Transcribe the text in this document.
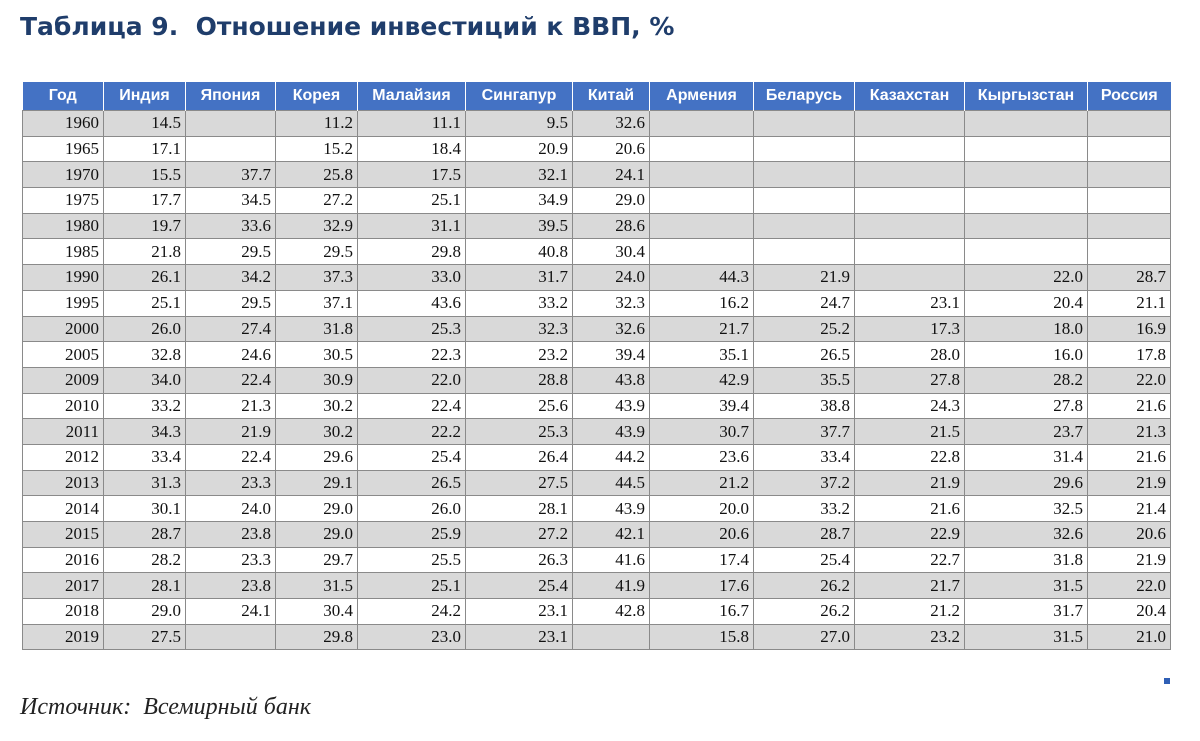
Таблица 9.  Отношение инвестиций к ВВП, %
Год	Индия	Япония	Корея	Малайзия	Сингапур	Китай	Армения	Беларусь	Казахстан	Кыргызстан	Россия
1960	14.5		11.2	11.1	9.5	32.6					
1965	17.1		15.2	18.4	20.9	20.6					
1970	15.5	37.7	25.8	17.5	32.1	24.1					
1975	17.7	34.5	27.2	25.1	34.9	29.0					
1980	19.7	33.6	32.9	31.1	39.5	28.6					
1985	21.8	29.5	29.5	29.8	40.8	30.4					
1990	26.1	34.2	37.3	33.0	31.7	24.0	44.3	21.9		22.0	28.7
1995	25.1	29.5	37.1	43.6	33.2	32.3	16.2	24.7	23.1	20.4	21.1
2000	26.0	27.4	31.8	25.3	32.3	32.6	21.7	25.2	17.3	18.0	16.9
2005	32.8	24.6	30.5	22.3	23.2	39.4	35.1	26.5	28.0	16.0	17.8
2009	34.0	22.4	30.9	22.0	28.8	43.8	42.9	35.5	27.8	28.2	22.0
2010	33.2	21.3	30.2	22.4	25.6	43.9	39.4	38.8	24.3	27.8	21.6
2011	34.3	21.9	30.2	22.2	25.3	43.9	30.7	37.7	21.5	23.7	21.3
2012	33.4	22.4	29.6	25.4	26.4	44.2	23.6	33.4	22.8	31.4	21.6
2013	31.3	23.3	29.1	26.5	27.5	44.5	21.2	37.2	21.9	29.6	21.9
2014	30.1	24.0	29.0	26.0	28.1	43.9	20.0	33.2	21.6	32.5	21.4
2015	28.7	23.8	29.0	25.9	27.2	42.1	20.6	28.7	22.9	32.6	20.6
2016	28.2	23.3	29.7	25.5	26.3	41.6	17.4	25.4	22.7	31.8	21.9
2017	28.1	23.8	31.5	25.1	25.4	41.9	17.6	26.2	21.7	31.5	22.0
2018	29.0	24.1	30.4	24.2	23.1	42.8	16.7	26.2	21.2	31.7	20.4
2019	27.5		29.8	23.0	23.1		15.8	27.0	23.2	31.5	21.0
Источник:  Всемирный банк
